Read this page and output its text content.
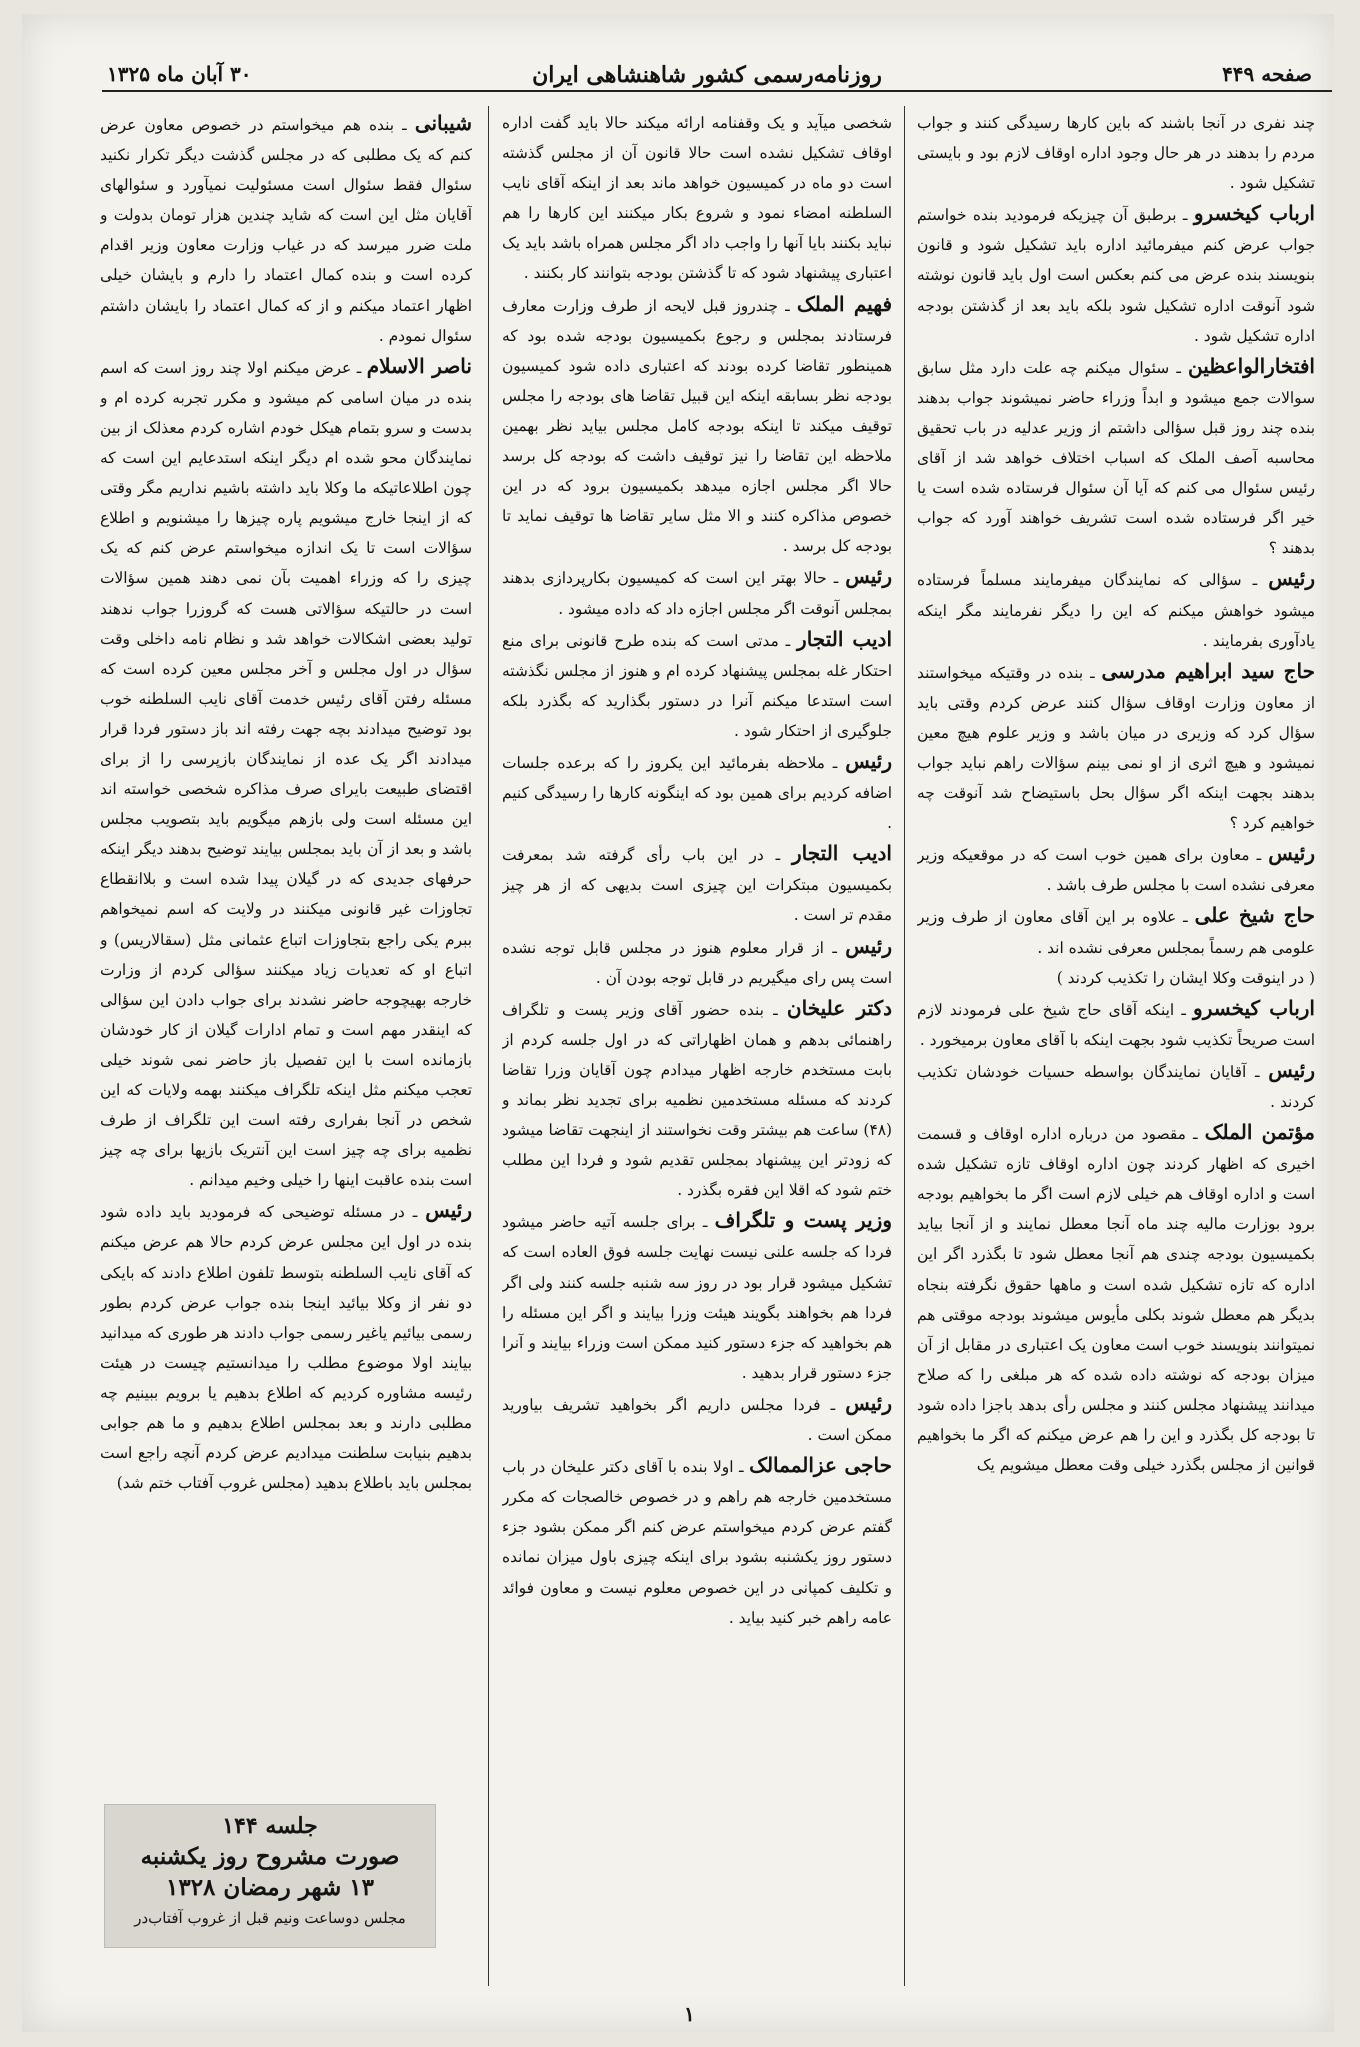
صفحه ۴۴۹
روزنامه‌رسمی کشور شاهنشاهی ایران
۳۰ آبان ماه ۱۳۲۵

چند نفری در آنجا باشند که باین کارها رسیدگی کنند و جواب مردم را بدهند در هر حال وجود اداره اوقاف لازم بود و بایستی تشکیل شود .

ارباب کیخسرو ـ برطبق آن چیزیکه فرمودید بنده خواستم جواب عرض کنم میفرمائید اداره باید تشکیل شود و قانون بنویسند بنده عرض می کنم بعکس است اول باید قانون نوشته شود آنوقت اداره تشکیل شود بلکه باید بعد از گذشتن بودجه اداره تشکیل شود .

افتخارالواعظین ـ سئوال میکنم چه علت دارد مثل سابق سوالات جمع میشود و ابداً وزراء حاضر نمیشوند جواب بدهند بنده چند روز قبل سؤالی داشتم از وزیر عدلیه در باب تحقیق محاسبه آصف الملک که اسباب اختلاف خواهد شد از آقای رئیس سئوال می کنم که آیا آن سئوال فرستاده شده است یا خیر اگر فرستاده شده است تشریف خواهند آورد که جواب بدهند ؟

رئیس ـ سؤالی که نمایندگان میفرمایند مسلماً فرستاده میشود خواهش میکنم که این را دیگر نفرمایند مگر اینکه یادآوری بفرمایند .

حاج سید ابراهیم مدرسی ـ بنده در وقتیکه میخواستند از معاون وزارت اوقاف سؤال کنند عرض کردم وقتی باید سؤال کرد که وزیری در میان باشد و وزیر علوم هیچ معین نمیشود و هیچ اثری از او نمی بینم سؤالات راهم نباید جواب بدهند بجهت اینکه اگر سؤال بحل باستیضاح شد آنوقت چه خواهیم کرد ؟

رئیس ـ معاون برای همین خوب است که در موقعیکه وزیر معرفی نشده است با مجلس طرف باشد .

حاج شیخ علی ـ علاوه بر این آقای معاون از طرف وزیر علومی هم رسماً بمجلس معرفی نشده اند .

( در اینوقت وکلا ایشان را تکذیب کردند )

ارباب کیخسرو ـ اینکه آقای حاج شیخ علی فرمودند لازم است صریحاً تکذیب شود بجهت اینکه با آقای معاون برمیخورد .

رئیس ـ آقایان نمایندگان بواسطه حسیات خودشان تکذیب کردند .

مؤتمن الملک ـ مقصود من درباره اداره اوقاف و قسمت اخیری که اظهار کردند چون اداره اوقاف تازه تشکیل شده است و اداره اوقاف هم خیلی لازم است اگر ما بخواهیم بودجه برود بوزارت مالیه چند ماه آنجا معطل نمایند و از آنجا بیاید بکمیسیون بودجه چندی هم آنجا معطل شود تا بگذرد اگر این اداره که تازه تشکیل شده است و ماهها حقوق نگرفته بنجاه بدیگر هم معطل شوند بکلی مأیوس میشوند بودجه موقتی هم نمیتوانند بنویسند خوب است معاون یک اعتباری در مقابل از آن میزان بودجه که نوشته داده شده که هر مبلغی را که صلاح میدانند پیشنهاد مجلس کنند و مجلس رأی بدهد باجزا داده شود تا بودجه کل بگذرد و این را هم عرض میکنم که اگر ما بخواهیم قوانین از مجلس بگذرد خیلی وقت معطل میشویم یک

شخصی میآید و یک وقفنامه ارائه میکند حالا باید گفت اداره اوقاف تشکیل نشده است حالا قانون آن از مجلس گذشته است دو ماه در کمیسیون خواهد ماند بعد از اینکه آقای نایب السلطنه امضاء نمود و شروع بکار میکنند این کارها را هم نباید بکنند بایا آنها را واجب داد اگر مجلس همراه باشد باید یک اعتباری پیشنهاد شود که تا گذشتن بودجه بتوانند کار بکنند .

فهیم الملک ـ چندروز قبل لایحه از طرف وزارت معارف فرستادند بمجلس و رجوع بکمیسیون بودجه شده بود که همینطور تقاضا کرده بودند که اعتباری داده شود کمیسیون بودجه نظر بسابقه اینکه این قبیل تقاضا های بودجه را مجلس توقیف میکند تا اینکه بودجه کامل مجلس بیاید نظر بهمین ملاحظه این تقاضا را نیز توقیف داشت که بودجه کل برسد حالا اگر مجلس اجازه میدهد بکمیسیون برود که در این خصوص مذاکره کنند و الا مثل سایر تقاضا ها توقیف نماید تا بودجه کل برسد .

رئیس ـ حالا بهتر این است که کمیسیون بکارپردازی بدهند بمجلس آنوقت اگر مجلس اجازه داد که داده میشود .

ادیب التجار ـ مدتی است که بنده طرح قانونی برای منع احتکار غله بمجلس پیشنهاد کرده ام و هنوز از مجلس نگذشته است استدعا میکنم آنرا در دستور بگذارید که بگذرد بلکه جلوگیری از احتکار شود .

رئیس ـ ملاحظه بفرمائید این یکروز را که برعده جلسات اضافه کردیم برای همین بود که اینگونه کارها را رسیدگی کنیم .

ادیب التجار ـ در این باب رأی گرفته شد بمعرفت بکمیسیون مبتکرات این چیزی است بدیهی که از هر چیز مقدم تر است .

رئیس ـ از قرار معلوم هنوز در مجلس قابل توجه نشده است پس رای میگیریم در قابل توجه بودن آن .

دکتر علیخان ـ بنده حضور آقای وزیر پست و تلگراف راهنمائی بدهم و همان اظهاراتی که در اول جلسه کردم از بابت مستخدم خارجه اظهار میدادم چون آقایان وزرا تقاضا کردند که مسئله مستخدمین نظمیه برای تجدید نظر بماند و (۴۸) ساعت هم بیشتر وقت نخواستند از اینجهت تقاضا میشود که زودتر این پیشنهاد بمجلس تقدیم شود و فردا این مطلب ختم شود که اقلا این فقره بگذرد .

وزیر پست و تلگراف ـ برای جلسه آتیه حاضر میشود فردا که جلسه علنی نیست نهایت جلسه فوق العاده است که تشکیل میشود قرار بود در روز سه شنبه جلسه کنند ولی اگر فردا هم بخواهند بگویند هیئت وزرا بیایند و اگر این مسئله را هم بخواهید که جزء دستور کنید ممکن است وزراء بیایند و آنرا جزء دستور قرار بدهید .

رئیس ـ فردا مجلس داریم اگر بخواهید تشریف بیاورید ممکن است .

حاجی عزالممالک ـ اولا بنده با آقای دکتر علیخان در باب مستخدمین خارجه هم راهم و در خصوص خالصجات که مکرر گفتم عرض کردم میخواستم عرض کنم اگر ممکن بشود جزء دستور روز یکشنبه بشود برای اینکه چیزی باول میزان نمانده و تکلیف کمپانی در این خصوص معلوم نیست و معاون فوائد عامه راهم خبر کنید بیاید .

شیبانی ـ بنده هم میخواستم در خصوص معاون عرض کنم که یک مطلبی که در مجلس گذشت دیگر تکرار نکنید سئوال فقط سئوال است مسئولیت نمیآورد و سئوالهای آقایان مثل این است که شاید چندین هزار تومان بدولت و ملت ضرر میرسد که در غیاب وزارت معاون وزیر اقدام کرده است و بنده کمال اعتماد را دارم و بایشان خیلی اظهار اعتماد میکنم و از که کمال اعتماد را بایشان داشتم سئوال نمودم .

ناصر الاسلام ـ عرض میکنم اولا چند روز است که اسم بنده در میان اسامی کم میشود و مکرر تجربه کرده ام و بدست و سرو بتمام هیکل خودم اشاره کردم معذلک از بین نمایندگان محو شده ام دیگر اینکه استدعایم این است که چون اطلاعاتیکه ما وکلا باید داشته باشیم نداریم مگر وقتی که از اینجا خارج میشویم پاره چیزها را میشنویم و اطلاع سؤالات است تا یک اندازه میخواستم عرض کنم که یک چیزی را که وزراء اهمیت بآن نمی دهند همین سؤالات است در حالتیکه سؤالاتی هست که گروزرا جواب ندهند تولید بعضی اشکالات خواهد شد و نظام نامه داخلی وقت سؤال در اول مجلس و آخر مجلس معین کرده است که مسئله رفتن آقای رئیس خدمت آقای نایب السلطنه خوب بود توضیح میدادند بچه جهت رفته اند باز دستور فردا قرار میدادند اگر یک عده از نمایندگان بازپرسی را از برای اقتضای طبیعت بایرای صرف مذاکره شخصی خواسته اند این مسئله است ولی بازهم میگویم باید بتصویب مجلس باشد و بعد از آن باید بمجلس بیایند توضیح بدهند دیگر اینکه حرفهای جدیدی که در گیلان پیدا شده است و بلاانقطاع تجاوزات غیر قانونی میکنند در ولایت که اسم نمیخواهم ببرم یکی راجع بتجاوزات اتباع عثمانی مثل (سقالاریس) و اتباع او که تعدیات زیاد میکنند سؤالی کردم از وزارت خارجه بهیچوجه حاضر نشدند برای جواب دادن این سؤالی که اینقدر مهم است و تمام ادارات گیلان از کار خودشان بازمانده است با این تفصیل باز حاضر نمی شوند خیلی تعجب میکنم مثل اینکه تلگراف میکنند بهمه ولایات که این شخص در آنجا بفراری رفته است این تلگراف از طرف نظمیه برای چه چیز است این آنتریک بازیها برای چه چیز است بنده عاقبت اینها را خیلی وخیم میدانم .

رئیس ـ در مسئله توضیحی که فرمودید باید داده شود بنده در اول این مجلس عرض کردم حالا هم عرض میکنم که آقای نایب السلطنه بتوسط تلفون اطلاع دادند که بایکی دو نفر از وکلا بیائید اینجا بنده جواب عرض کردم بطور رسمی بیائیم یاغیر رسمی جواب دادند هر طوری که میدانید بیایند اولا موضوع مطلب را میدانستیم چیست در هیئت رئیسه مشاوره کردیم که اطلاع بدهیم یا برویم ببینیم چه مطلبی دارند و بعد بمجلس اطلاع بدهیم و ما هم جوابی بدهیم بنیابت سلطنت میدادیم عرض کردم آنچه راجع است بمجلس باید باطلاع بدهید (مجلس غروب آفتاب ختم شد)

جلسه ۱۴۴
صورت مشروح روز یکشنبه
۱۳ شهر رمضان ۱۳۲۸
مجلس دوساعت ونیم قبل از غروب آفتاب‌در
۱
